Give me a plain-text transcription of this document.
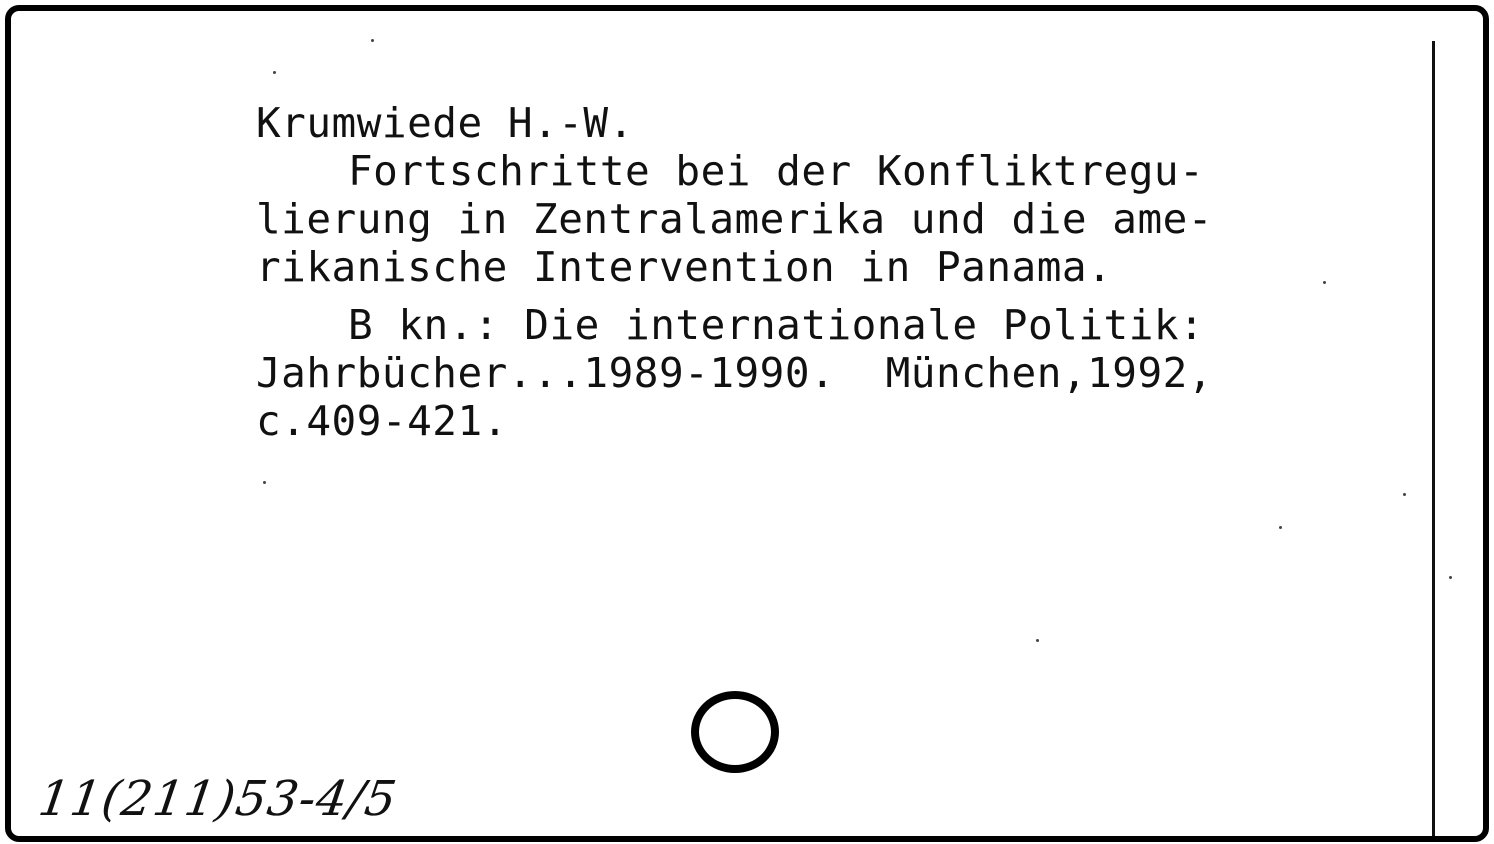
Krumwiede H.-W.
Fortschritte bei der Konfliktregu-
lierung in Zentralamerika und die ame-
rikanische Intervention in Panama.
B kn.: Die internationale Politik:
Jahrbücher...1989-1990.  München,1992,
c.409-421.
11(211)53-4/5
